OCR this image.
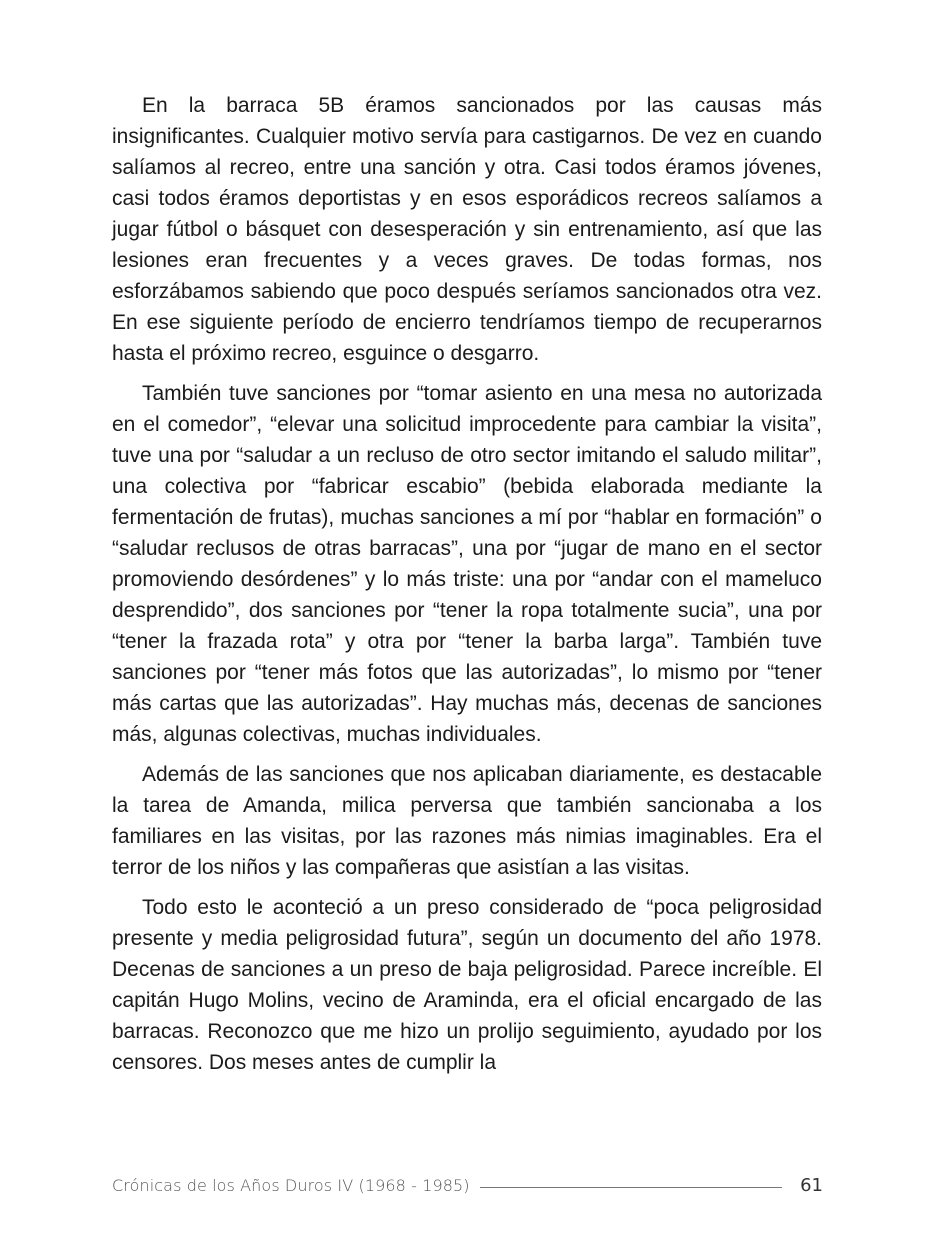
En la barraca 5B éramos sancionados por las causas más insignificantes. Cualquier motivo servía para castigarnos. De vez en cuando salíamos al recreo, entre una sanción y otra. Casi todos éramos jóvenes, casi todos éramos deportistas y en esos esporádicos recreos salíamos a jugar fútbol o básquet con desesperación y sin entrenamiento, así que las lesiones eran frecuentes y a veces graves. De todas formas, nos esforzábamos sabiendo que poco después seríamos sancionados otra vez. En ese siguiente período de encierro tendríamos tiempo de recuperarnos hasta el próximo recreo, esguince o desgarro.

También tuve sanciones por “tomar asiento en una mesa no autorizada en el comedor”, “elevar una solicitud improcedente para cambiar la visita”, tuve una por “saludar a un recluso de otro sector imitando el saludo militar”, una colectiva por “fabricar escabio” (bebida elaborada mediante la fermentación de frutas), muchas sanciones a mí por “hablar en formación” o “saludar reclusos de otras barracas”, una por “jugar de mano en el sector promoviendo desórdenes” y lo más triste: una por “andar con el mameluco desprendido”, dos sanciones por “tener la ropa totalmente sucia”, una por “tener la frazada rota” y otra por “tener la barba larga”. También tuve sanciones por “tener más fotos que las autorizadas”, lo mismo por “tener más cartas que las autorizadas”. Hay muchas más, decenas de sanciones más, algunas colectivas, muchas individuales.

Además de las sanciones que nos aplicaban diariamente, es destacable la tarea de Amanda, milica perversa que también sancionaba a los familiares en las visitas, por las razones más nimias imaginables. Era el terror de los niños y las compañeras que asistían a las visitas.

Todo esto le aconteció a un preso considerado de “poca peligrosidad presente y media peligrosidad futura”, según un documento del año 1978. Decenas de sanciones a un preso de baja peligrosidad. Parece increíble. El capitán Hugo Molins, vecino de Araminda, era el oficial encargado de las barracas. Reconozco que me hizo un prolijo seguimiento, ayudado por los censores. Dos meses antes de cumplir la

Crónicas de los Años Duros IV (1968 - 1985)	61
